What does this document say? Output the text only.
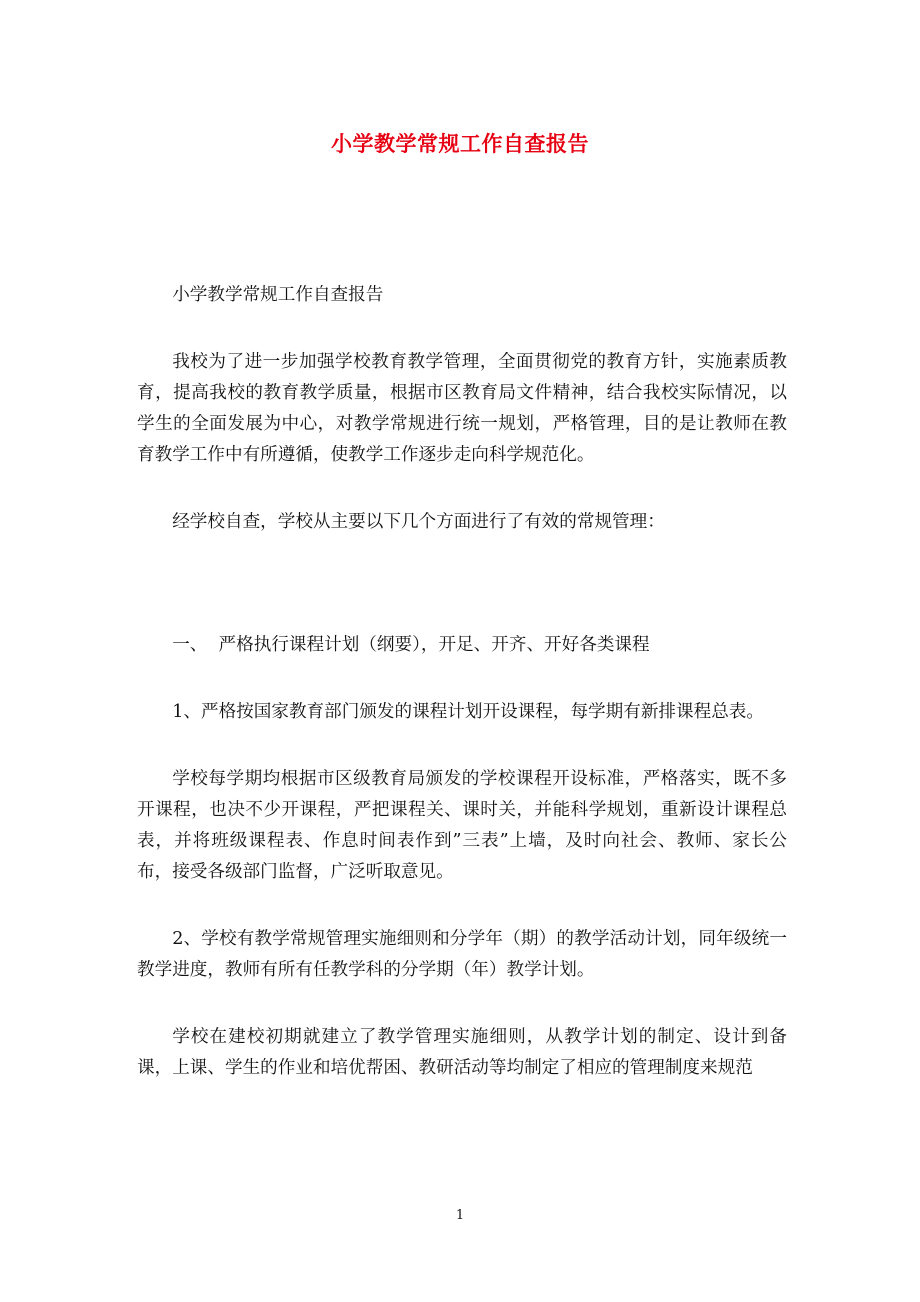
小学教学常规工作自查报告

小学教学常规工作自查报告

我校为了进一步加强学校教育教学管理，全面贯彻党的教育方针，实施素质教育，提高我校的教育教学质量，根据市区教育局文件精神，结合我校实际情况，以学生的全面发展为中心，对教学常规进行统一规划，严格管理，目的是让教师在教育教学工作中有所遵循，使教学工作逐步走向科学规范化。

经学校自查，学校从主要以下几个方面进行了有效的常规管理：

一、  严格执行课程计划（纲要），开足、开齐、开好各类课程

1、严格按国家教育部门颁发的课程计划开设课程，每学期有新排课程总表。

学校每学期均根据市区级教育局颁发的学校课程开设标准，严格落实，既不多开课程，也决不少开课程，严把课程关、课时关，并能科学规划，重新设计课程总表，并将班级课程表、作息时间表作到”三表”上墙，及时向社会、教师、家长公布，接受各级部门监督，广泛听取意见。

2、学校有教学常规管理实施细则和分学年（期）的教学活动计划，同年级统一教学进度，教师有所有任教学科的分学期（年）教学计划。

学校在建校初期就建立了教学管理实施细则，从教学计划的制定、设计到备课，上课、学生的作业和培优帮困、教研活动等均制定了相应的管理制度来规范

1
